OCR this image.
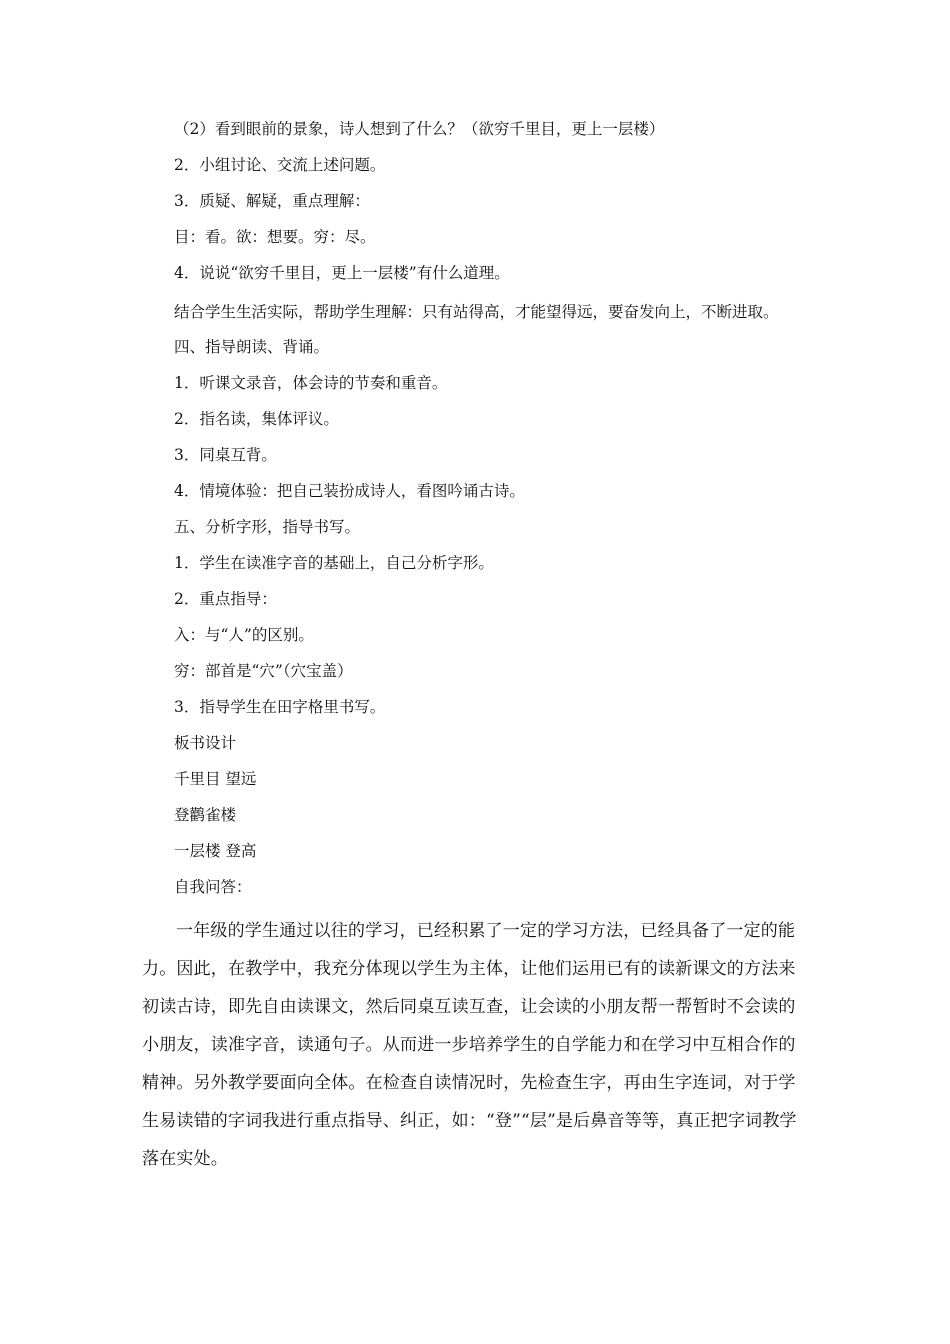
（2）看到眼前的景象，诗人想到了什么？（欲穷千里目，更上一层楼）

2．小组讨论、交流上述问题。

3．质疑、解疑，重点理解：

目：看。欲：想要。穷：尽。

4．说说“欲穷千里目，更上一层楼”有什么道理。

结合学生生活实际，帮助学生理解：只有站得高，才能望得远，要奋发向上，不断进取。

四、指导朗读、背诵。

1．听课文录音，体会诗的节奏和重音。

2．指名读，集体评议。

3．同桌互背。

4．情境体验：把自己装扮成诗人，看图吟诵古诗。

五、分析字形，指导书写。

1．学生在读准字音的基础上，自己分析字形。

2．重点指导：

入：与“人”的区别。

穷：部首是“穴”（穴宝盖）

3．指导学生在田字格里书写。

板书设计

千里目 望远

登鹳雀楼

一层楼 登高

自我问答：

一年级的学生通过以往的学习，已经积累了一定的学习方法，已经具备了一定的能力。因此，在教学中，我充分体现以学生为主体，让他们运用已有的读新课文的方法来初读古诗，即先自由读课文，然后同桌互读互查，让会读的小朋友帮一帮暂时不会读的小朋友，读准字音，读通句子。从而进一步培养学生的自学能力和在学习中互相合作的精神。另外教学要面向全体。在检查自读情况时，先检查生字，再由生字连词，对于学生易读错的字词我进行重点指导、纠正，如：“登”“层”是后鼻音等等，真正把字词教学落在实处。
